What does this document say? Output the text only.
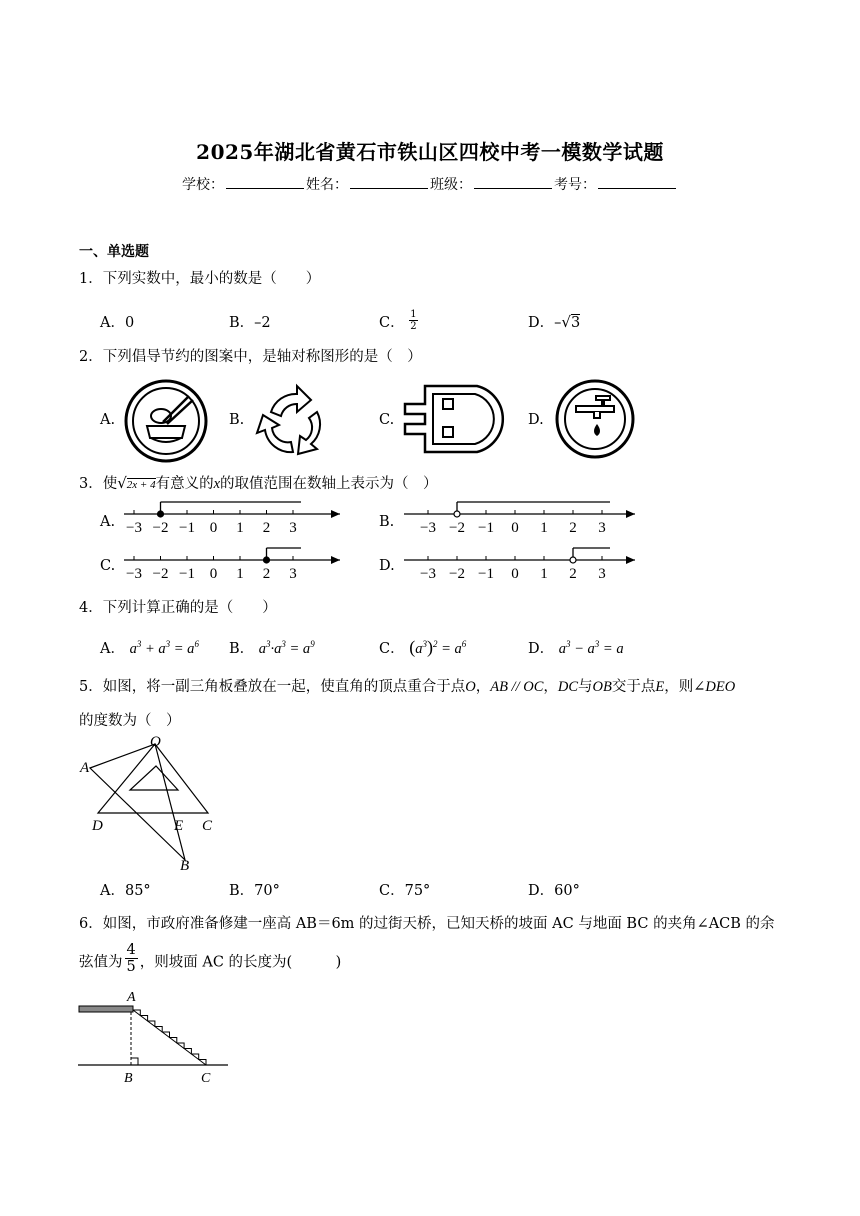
2025年湖北省黄石市铁山区四校中考一模数学试题
学校：	姓名：	班级：	考号：
一、单选题
1．下列实数中，最小的数是（　　）
A．0	B．–2	C． $\frac{1}{2}$	D．–√3
2．下列倡导节约的图案中，是轴对称图形的是（　）
A.	B.	C.	D.
3．使√2x + 4有意义的x的取值范围在数轴上表示为（　）
A.	B.
C.	D.
−3 −2 −1 0 1 2 3	−3 −2 −1 0 1 2 3
−3 −2 −1 0 1 2 3	−3 −2 −1 0 1 2 3
4．下列计算正确的是（　　）
A． $a^3 + a^3 = a^6$ B． $a^3\cdot a^3 = a^9$	C． $(a^3)^2 = a^6$	D． $a^3 - a^3 = a$
5．如图，将一副三角板叠放在一起，使直角的顶点重合于点O，AB // OC，DC与OB交于点E，则∠DEO
的度数为（　）
O
A
D	E C
B
A．85°	B．70°	C．75°	D．60°
6．如图，市政府准备修建一座高 AB＝6m 的过街天桥，已知天桥的坡面 AC 与地面 BC 的夹角∠ACB 的余
弦值为 $\frac{4}{5}$ ，则坡面 AC 的长度为(　　　)
A
B	C
